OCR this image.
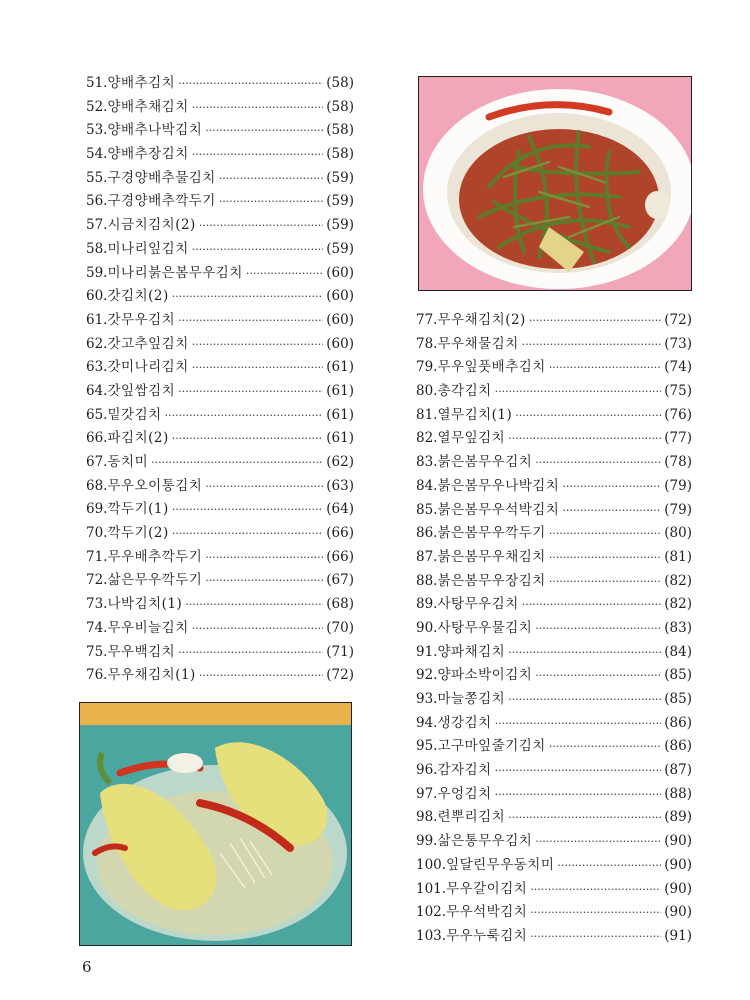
51. 양배추김치 ·····	(58)
52. 양배추채김치 ·····	(58)
53. 양배추나박김치 ·····	(58)
54. 양배추장김치 ·····	(58)
55. 구경양배추물김치 ·····	(59)
56. 구경양배추깍두기 ·····	(59)
57. 시금치김치(2) ·····	(59)
58. 미나리잎김치 ·····	(59)
59. 미나리붉은봄무우김치 ·····	(60)
60. 갓김치(2) ·····	(60)
61. 갓무우김치 ·····	(60)
62. 갓고추잎김치 ·····	(60)
63. 갓미나리김치 ·····	(61)
64. 갓잎쌈김치 ·····	(61)
65. 밑갓김치 ·····	(61)
66. 파김치(2) ·····	(61)
67. 동치미 ·····	(62)
68. 무우오이통김치 ·····	(63)
69. 깍두기(1) ·····	(64)
70. 깍두기(2) ·····	(66)
71. 무우배추깍두기 ·····	(66)
72. 삶은무우깍두기 ·····	(67)
73. 나박김치(1) ·····	(68)
74. 무우비늘김치 ·····	(70)
75. 무우백김치 ·····	(71)
76. 무우채김치(1) ·····	(72)
77. 무우채김치(2) ·····	(72)
78. 무우채물김치 ·····	(73)
79. 무우잎풋배추김치 ·····	(74)
80. 총각김치 ·····	(75)
81. 열무김치(1) ·····	(76)
82. 열무잎김치 ·····	(77)
83. 붉은봄무우김치 ·····	(78)
84. 붉은봄무우나박김치 ·····	(79)
85. 붉은봄무우석박김치 ·····	(79)
86. 붉은봄무우깍두기 ·····	(80)
87. 붉은봄무우채김치 ·····	(81)
88. 붉은봄무우장김치 ·····	(82)
89. 사탕무우김치 ·····	(82)
90. 사탕무우물김치 ·····	(83)
91. 양파채김치 ·····	(84)
92. 양파소박이김치 ·····	(85)
93. 마늘쫑김치 ·····	(85)
94. 생강김치 ·····	(86)
95. 고구마잎줄기김치 ·····	(86)
96. 감자김치 ·····	(87)
97. 우엉김치 ·····	(88)
98. 련뿌리김치 ·····	(89)
99. 삶은통무우김치 ·····	(90)
100. 잎달린무우동치미 ·····	(90)
101. 무우갈이김치 ·····	(90)
102. 무우석박김치 ·····	(90)
103. 무우누룩김치 ·····	(91)
6
